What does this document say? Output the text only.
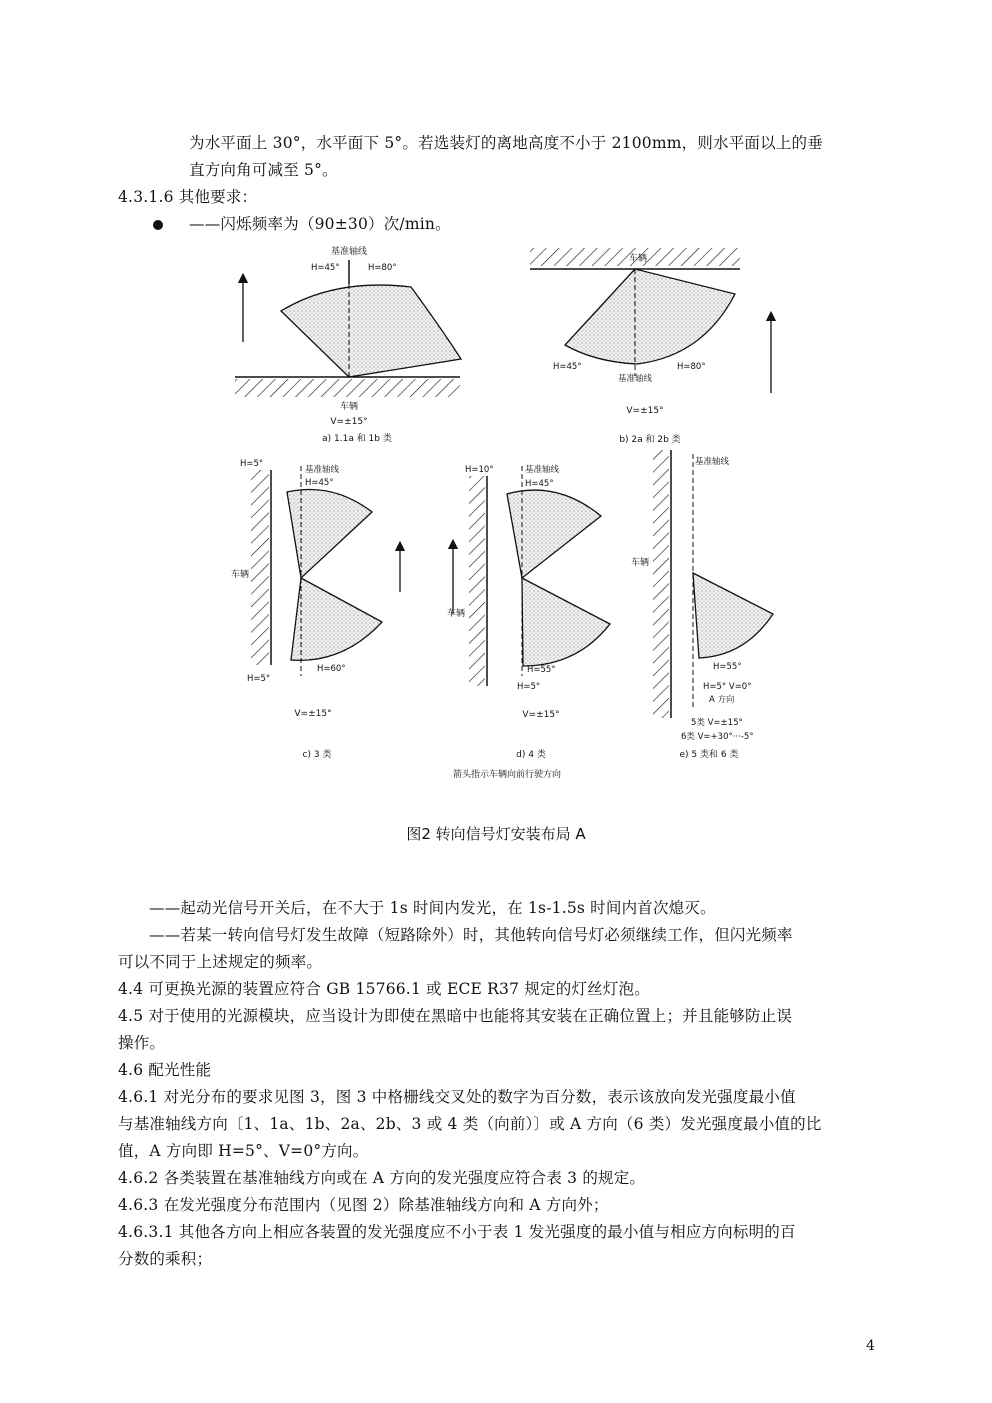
为水平面上 30°，水平面下 5°。若选装灯的离地高度不小于 2100mm，则水平面以上的垂
直方向角可减至 5°。
4.3.1.6 其他要求：
——闪烁频率为（90±30）次/min。
基准轴线
H=45°	H=80°
车辆
V=±15°
a) 1.1a 和 1b 类
车辆
H=45°	H=80°
基准轴线
V=±15°
b) 2a 和 2b 类
H=5°
基准轴线
H=45°
车辆
H=60°
H=5°
V=±15°
c) 3 类
H=10°	基准轴线
H=45°
车辆
H=55°
H=5°
V=±15°
d) 4 类
基准轴线
车辆
H=55°
H=5° V=0°
A 方向
5类 V=±15°
6类 V=+30°···-5°
e) 5 类和 6 类
箭头指示车辆向前行驶方向
图2 转向信号灯安装布局 A
——起动光信号开关后，在不大于 1s 时间内发光，在 1s-1.5s 时间内首次熄灭。
——若某一转向信号灯发生故障（短路除外）时，其他转向信号灯必须继续工作，但闪光频率
可以不同于上述规定的频率。
4.4 可更换光源的装置应符合 GB 15766.1 或 ECE R37 规定的灯丝灯泡。
4.5 对于使用的光源模块，应当设计为即使在黑暗中也能将其安装在正确位置上；并且能够防止误
操作。
4.6 配光性能
4.6.1 对光分布的要求见图 3，图 3 中格栅线交叉处的数字为百分数，表示该放向发光强度最小值
与基准轴线方向〔1、1a、1b、2a、2b、3 或 4 类（向前）〕或 A 方向（6 类）发光强度最小值的比
值，A 方向即 H=5°、V=0°方向。
4.6.2 各类装置在基准轴线方向或在 A 方向的发光强度应符合表 3 的规定。
4.6.3 在发光强度分布范围内（见图 2）除基准轴线方向和 A 方向外；
4.6.3.1 其他各方向上相应各装置的发光强度应不小于表 1 发光强度的最小值与相应方向标明的百
分数的乘积；
4
